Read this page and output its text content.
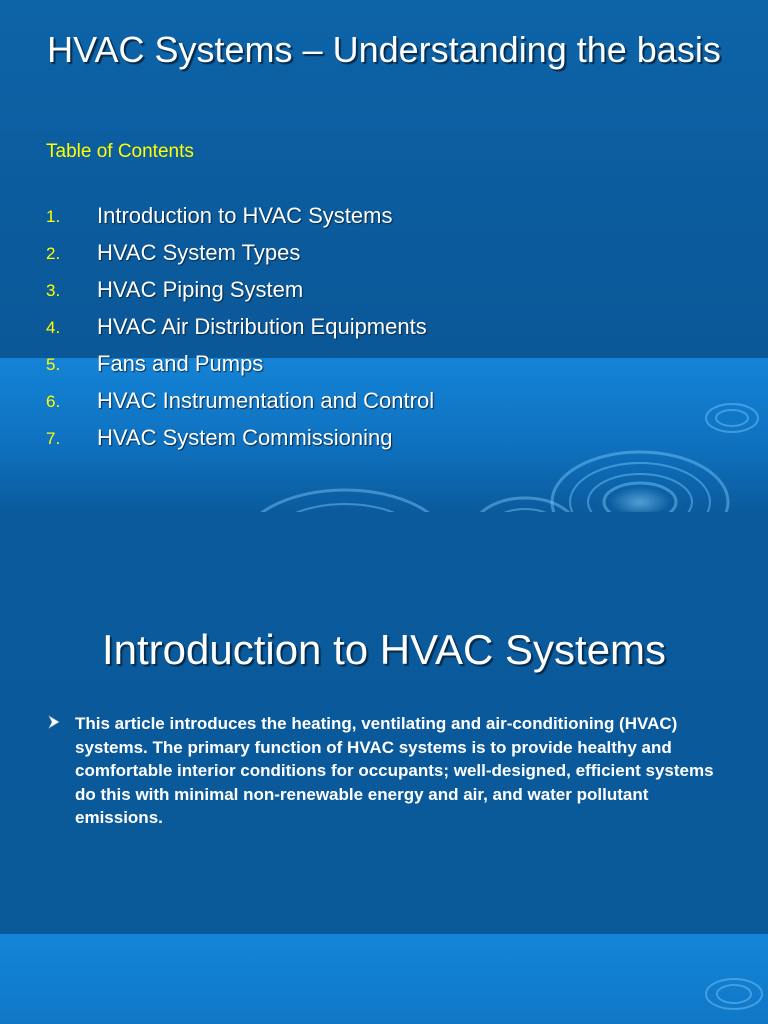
HVAC Systems – Understanding the basis

Table of Contents

1. Introduction to HVAC Systems
2. HVAC System Types
3. HVAC Piping System
4. HVAC Air Distribution Equipments
5. Fans and Pumps
6. HVAC Instrumentation and Control
7. HVAC System Commissioning
Introduction to HVAC Systems

This article introduces the heating, ventilating and air-conditioning (HVAC) systems. The primary function of HVAC systems is to provide healthy and comfortable interior conditions for occupants; well-designed, efficient systems do this with minimal non-renewable energy and air, and water pollutant emissions.
